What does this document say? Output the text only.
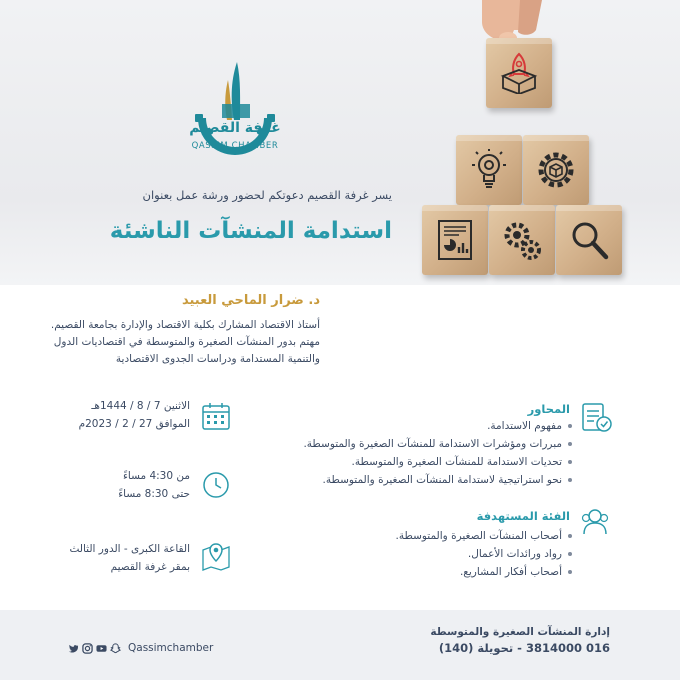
غرفة القصيم
QASSIM CHAMBER
يسر غرفة القصيم دعوتكم لحضور ورشة عمل بعنوان
استدامة المنشآت الناشئة
د. ضرار الماحي العبيد
أستاذ الاقتصاد المشارك بكلية الاقتصاد والإدارة بجامعة القصيم.
مهتم بدور المنشآت الصغيرة والمتوسطة في اقتصاديات الدول
والتنمية المستدامة ودراسات الجدوى الاقتصادية
المحاور
مفهوم الاستدامة.
مبررات ومؤشرات الاستدامة للمنشآت الصغيرة والمتوسطة.
تحديات الاستدامة للمنشآت الصغيرة والمتوسطة.
نحو استراتيجية لاستدامة المنشآت الصغيرة والمتوسطة.
الفئة المستهدفة
أصحاب المنشآت الصغيرة والمتوسطة.
رواد ورائدات الأعمال.
أصحاب أفكار المشاريع.
الاثنين 7 / 8 / 1444هـ
الموافق 27 / 2 / 2023م
من 4:30 مساءً
حتى 8:30 مساءً
القاعة الكبرى - الدور الثالث
بمقر غرفة القصيم
إدارة المنشآت الصغيرة والمتوسطة
016 3814000 - تحويلة (140)
Qassimchamber
